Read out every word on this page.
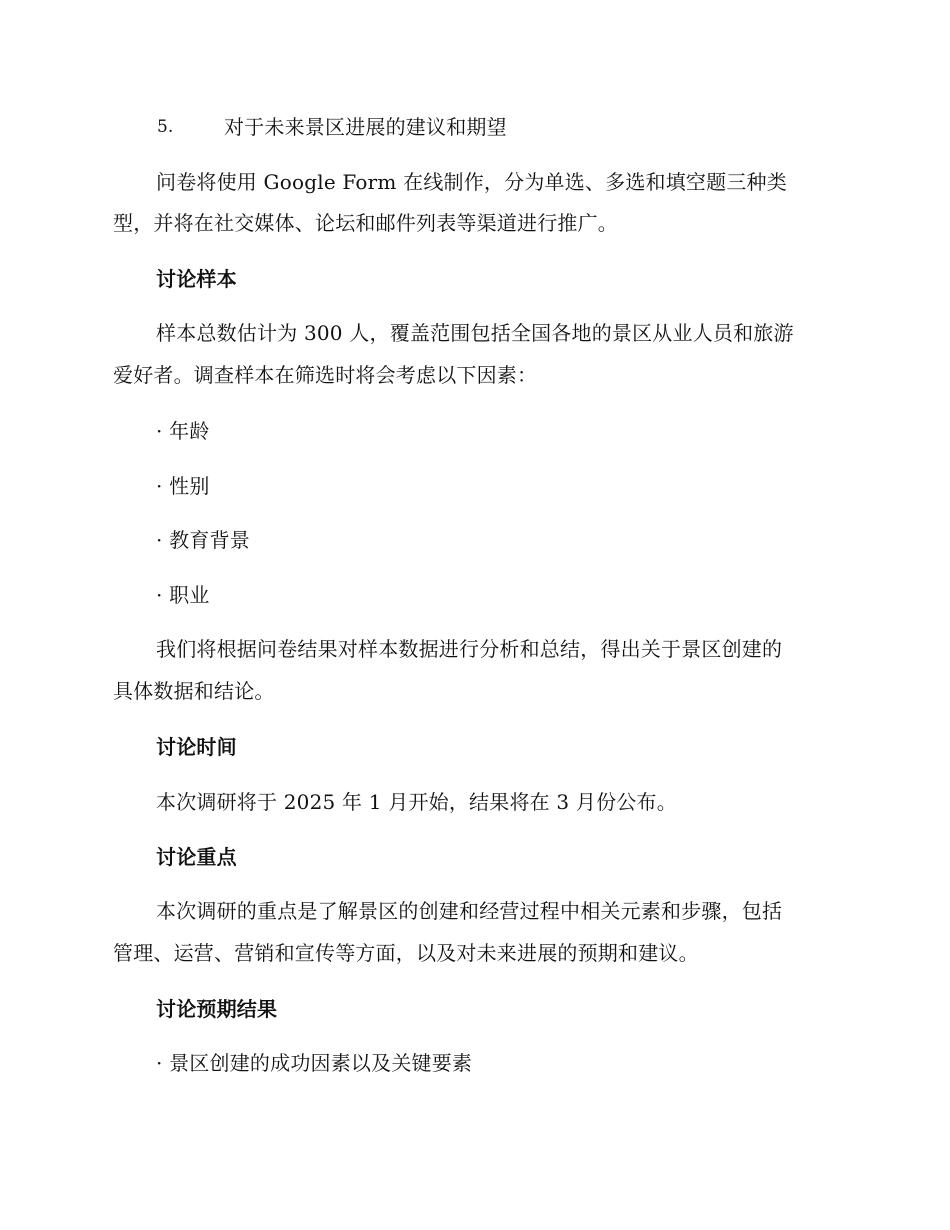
5.	对于未来景区进展的建议和期望
问卷将使用 Google Form 在线制作，分为单选、多选和填空题三种类
型，并将在社交媒体、论坛和邮件列表等渠道进行推广。
讨论样本
样本总数估计为 300 人，覆盖范围包括全国各地的景区从业人员和旅游
爱好者。调查样本在筛选时将会考虑以下因素：
· 年龄
· 性别
· 教育背景
· 职业
我们将根据问卷结果对样本数据进行分析和总结，得出关于景区创建的
具体数据和结论。
讨论时间
本次调研将于 2025 年 1 月开始，结果将在 3 月份公布。
讨论重点
本次调研的重点是了解景区的创建和经营过程中相关元素和步骤，包括
管理、运营、营销和宣传等方面，以及对未来进展的预期和建议。
讨论预期结果
· 景区创建的成功因素以及关键要素
